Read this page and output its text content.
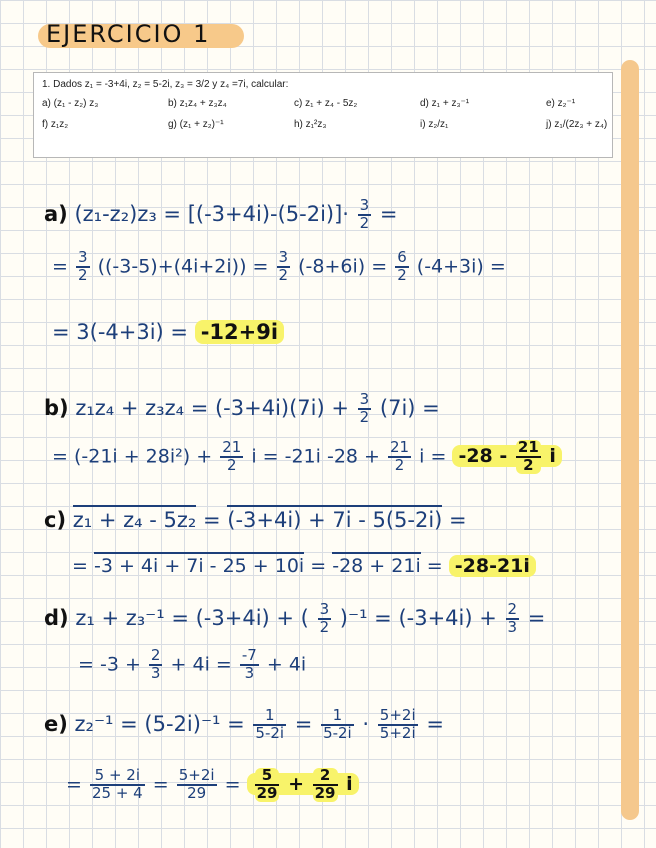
EJERCICIO 1

1. Dados z₁ = -3+4i, z₂ = 5-2i, z₃ = 3/2 y z₄ =7i, calcular:

a) (z₁ - z₂) z₃	b) z₁z₄ + z₃z₄	c) z₁ + z₄ - 5z₂	d) z₁ + z₃⁻¹	e) z₂⁻¹
f) z₁z₂	g) (z₁ + z₂)⁻¹	h) z₁²z₃	i) z₂/z₁	j) z₁/(2z₃ + z₄)
a) $(z_1-z_2)z_3 = [(-3+4i)-(5-2i)]\cdot \frac{3}{2}$ =
= $\frac{3}{2} ((-3-5)+(4i+2i)) = \frac{3}{2} (-8+6i) = \frac{6}{2} (-4+3i)$ =
= 3(-4+3i) = -12+9i
b) $z_1z_4 + z_3z_4 = (-3+4i)(7i) + \frac{3}{2} (7i)$ =
= $(-21i + 28i^2) + \frac{21}{2}$ i = -21i $-28 + \frac{21}{2}$ $i = -28 - \frac{21}{2}$ i
c) z₁ + z₄ - 5z₂ = (-3+4i) + 7i - 5(5-2i) =
= -3 + 4i + 7i - 25 + 10i = -28 + 21i = -28-21i
d) z₁ + z₃⁻¹ = (-3+4i) + ( $\frac{3}{2} )^{-1} = (-3+4i) + \frac{2}{3}$ =
= $-3 + \frac{2}{3} + 4i = \frac{-7}{3} + 4i$
e) $z_2^{-1} = (5-2i)^{-1} = \frac{1}{5-2i} = \frac{1}{5-2i} \cdot \frac{5+2i}{5+2i}$ =
= $\frac{5 + 2i}{25 + 4} = \frac{5+2i}{29} = \frac{5}{29} + \frac{2}{29}$ i
